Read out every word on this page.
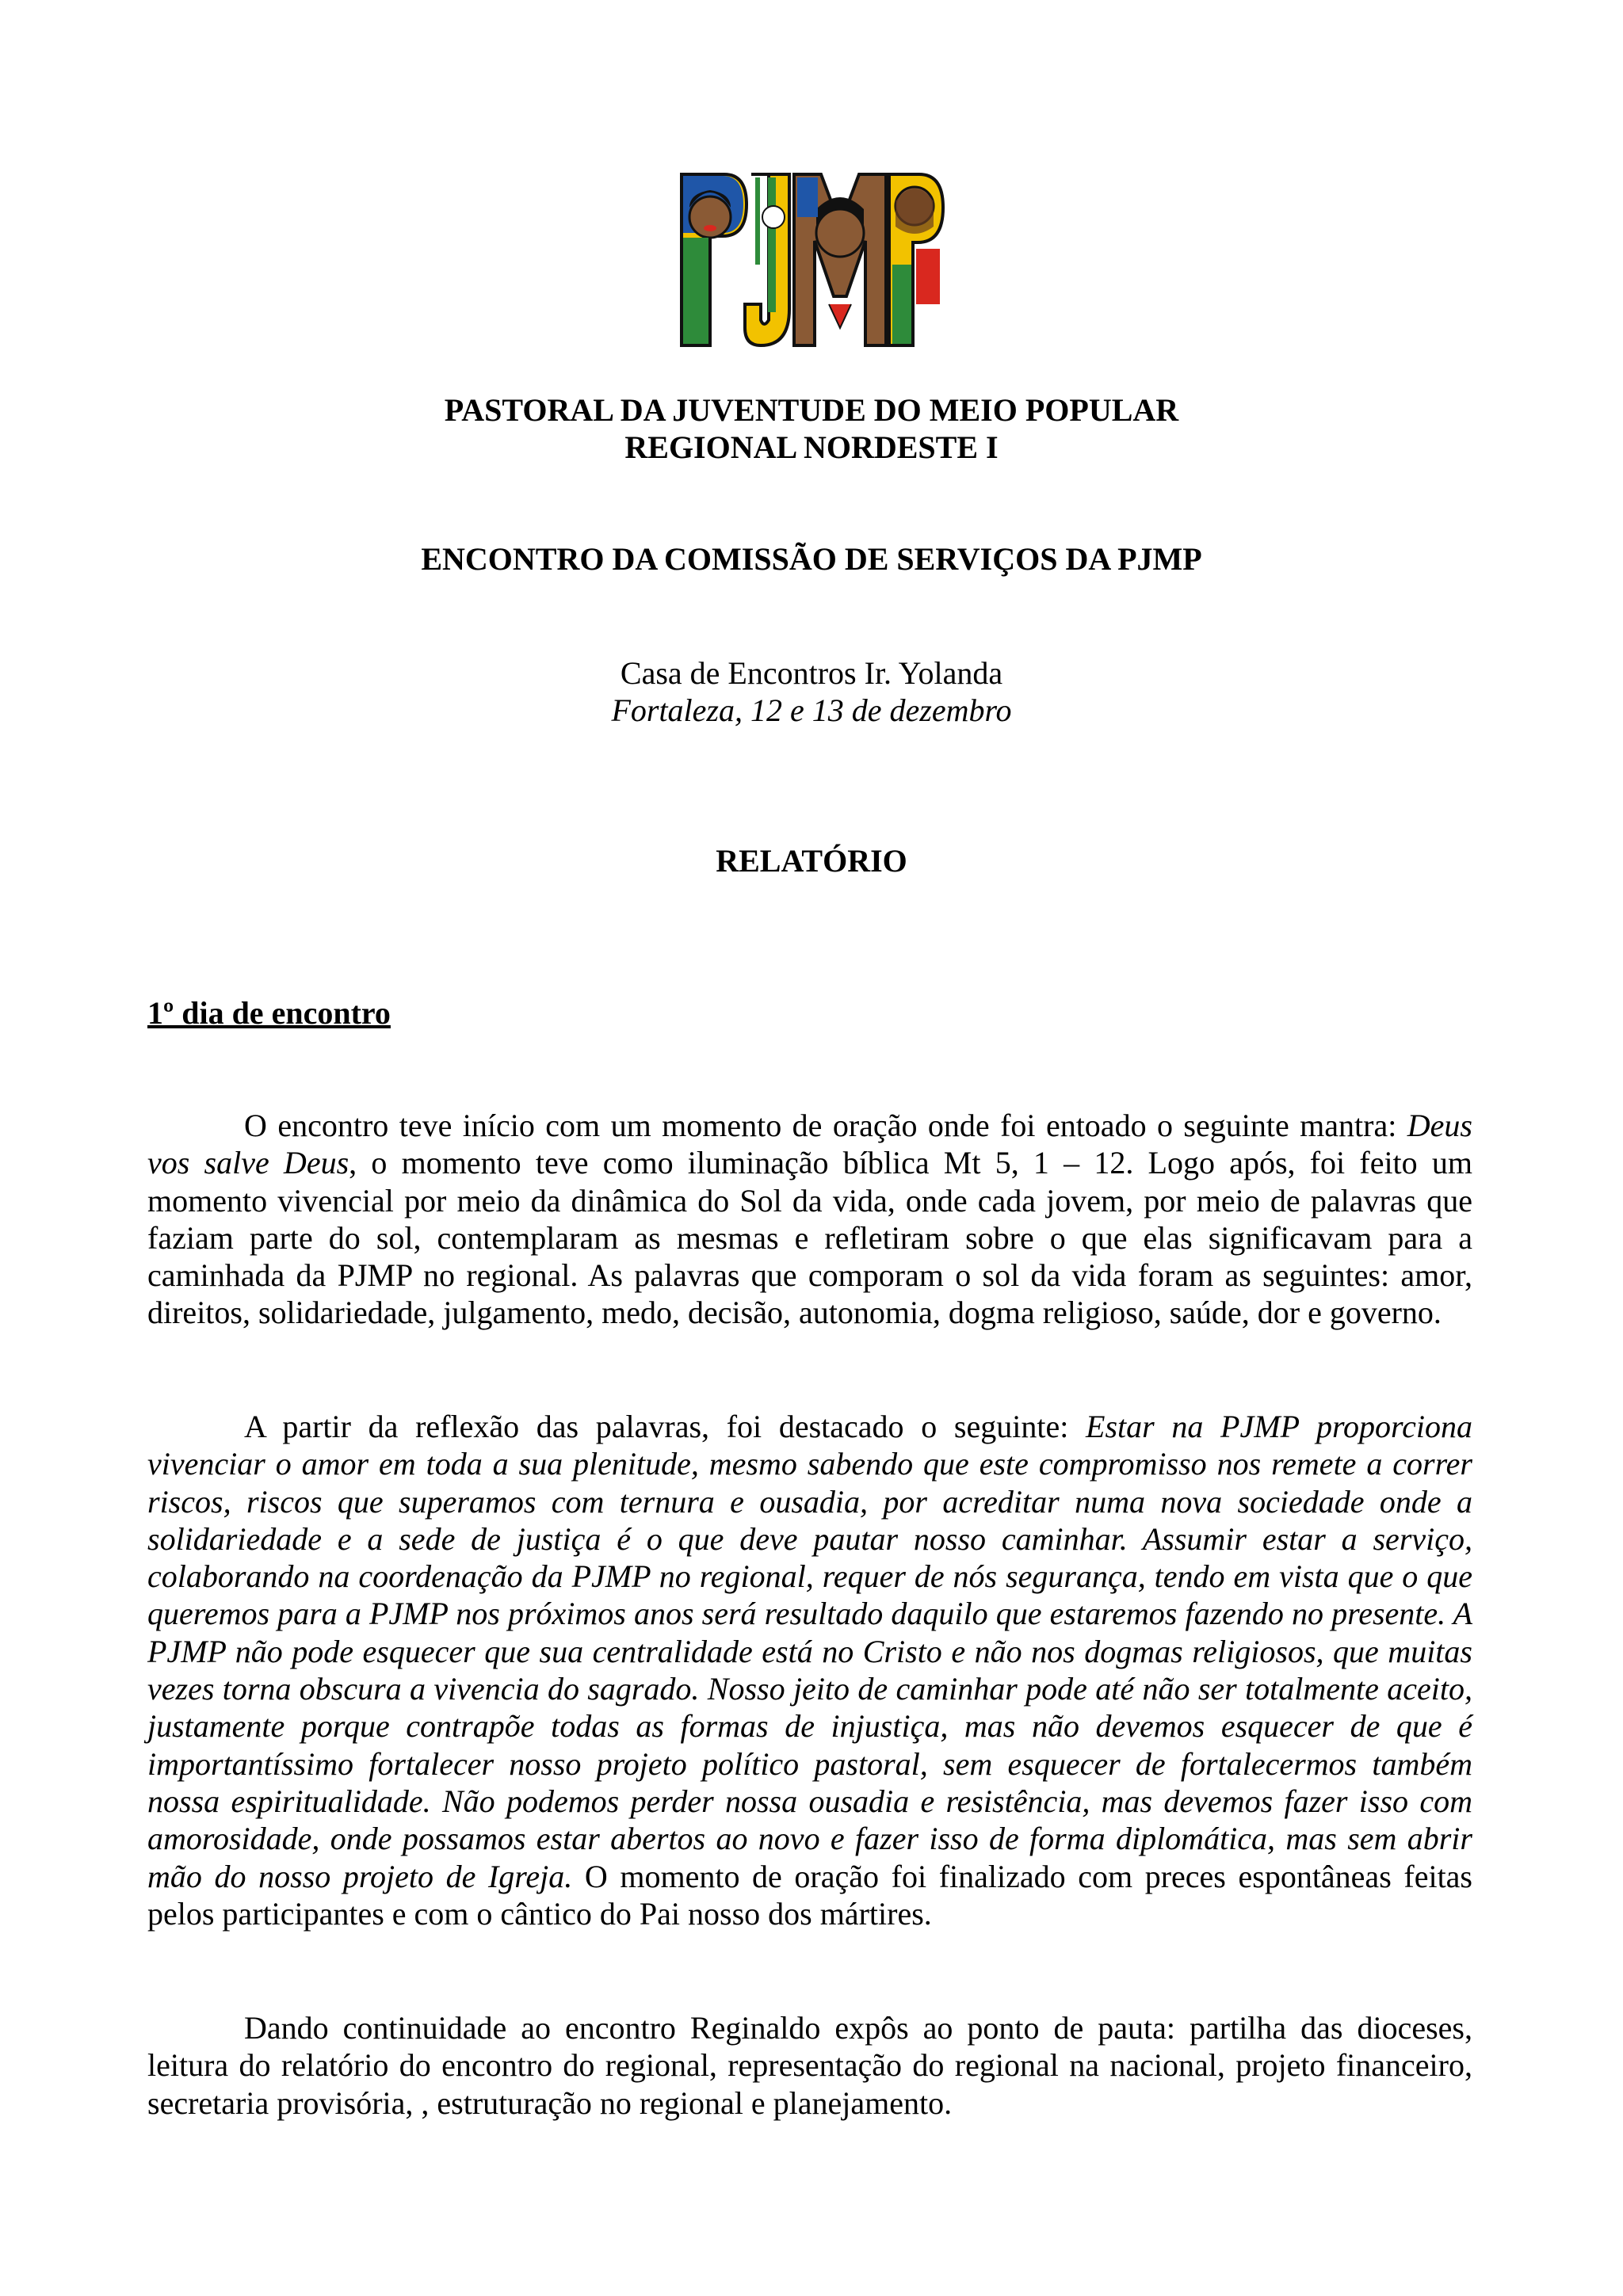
PASTORAL DA JUVENTUDE DO MEIO POPULAR
REGIONAL NORDESTE I
ENCONTRO DA COMISSÃO DE SERVIÇOS DA PJMP
Casa de Encontros Ir. Yolanda
Fortaleza, 12 e 13 de dezembro
RELATÓRIO
1º dia de encontro

O encontro teve início com um momento de oração onde foi entoado o seguinte mantra: Deus vos salve Deus, o momento teve como iluminação bíblica Mt 5, 1 – 12. Logo após, foi feito um momento vivencial por meio da dinâmica do Sol da vida, onde cada jovem, por meio de palavras que faziam parte do sol, contemplaram as mesmas e refletiram sobre o que elas significavam para a caminhada da PJMP no regional. As palavras que comporam o sol da vida foram as seguintes: amor, direitos, solidariedade, julgamento, medo, decisão, autonomia, dogma religioso, saúde, dor e governo.

A partir da reflexão das palavras, foi destacado o seguinte: Estar na PJMP proporciona vivenciar o amor em toda a sua plenitude, mesmo sabendo que este compromisso nos remete a correr riscos, riscos que superamos com ternura e ousadia, por acreditar numa nova sociedade onde a solidariedade e a sede de justiça é o que deve pautar nosso caminhar. Assumir estar a serviço, colaborando na coordenação da PJMP no regional, requer de nós segurança, tendo em vista que o que queremos para a PJMP nos próximos anos será resultado daquilo que estaremos fazendo no presente. A PJMP não pode esquecer que sua centralidade está no Cristo e não nos dogmas religiosos, que muitas vezes torna obscura a vivencia do sagrado. Nosso jeito de caminhar pode até não ser totalmente aceito, justamente porque contrapõe todas as formas de injustiça, mas não devemos esquecer de que é importantíssimo fortalecer nosso projeto político pastoral, sem esquecer de fortalecermos também nossa espiritualidade. Não podemos perder nossa ousadia e resistência, mas devemos fazer isso com amorosidade, onde possamos estar abertos ao novo e fazer isso de forma diplomática, mas sem abrir mão do nosso projeto de Igreja. O momento de oração foi finalizado com preces espontâneas feitas pelos participantes e com o cântico do Pai nosso dos mártires.

Dando continuidade ao encontro Reginaldo expôs ao ponto de pauta: partilha das dioceses, leitura do relatório do encontro do regional, representação do regional na nacional, projeto financeiro, secretaria provisória, , estruturação no regional e planejamento.
